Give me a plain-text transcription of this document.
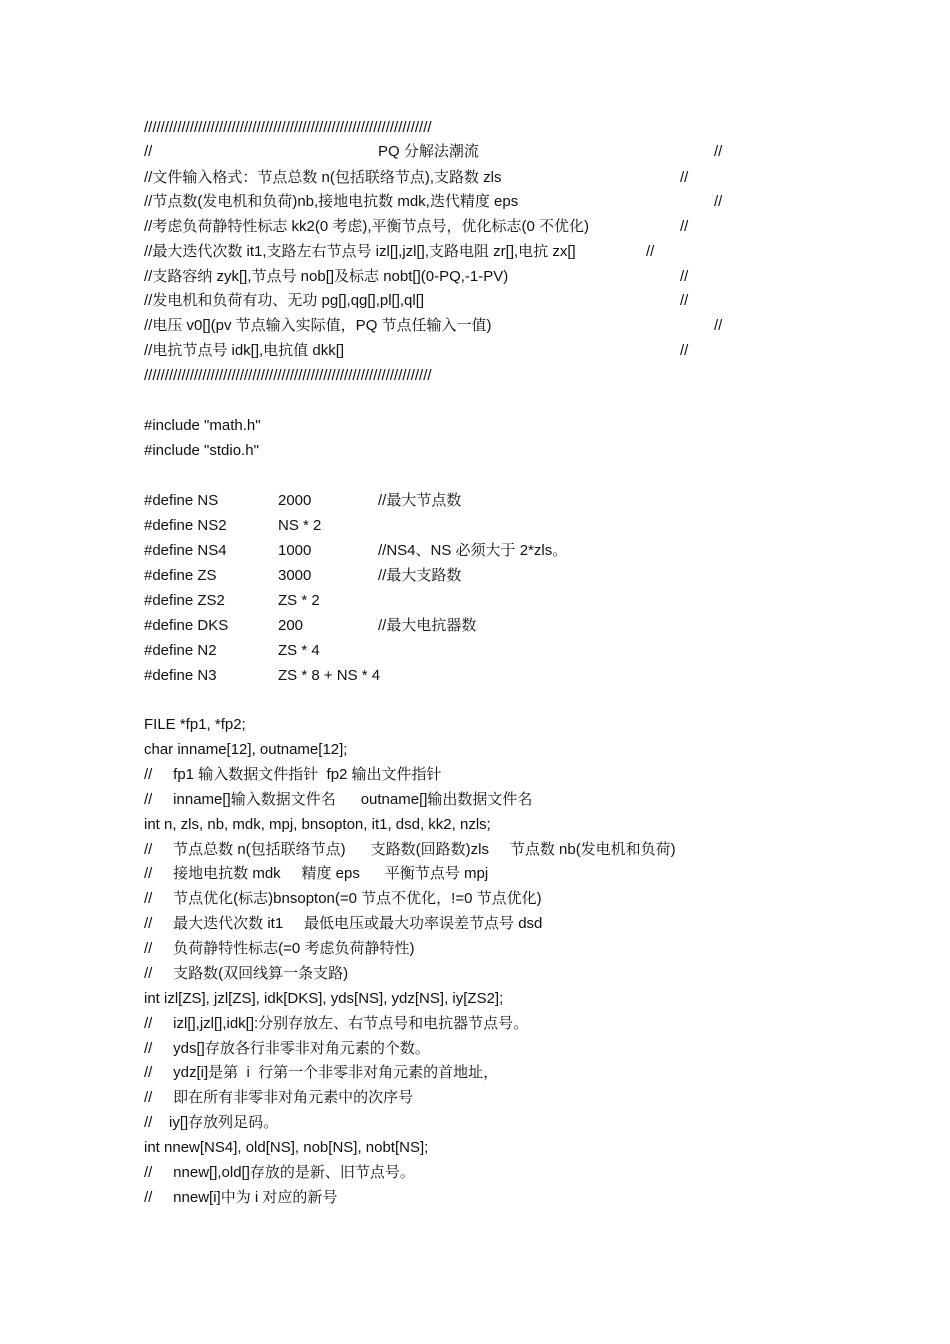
/////////////////////////////////////////////////////////////////////

//

	PQ 分解法潮流

	//

//文件输入格式：节点总数 n(包括联络节点),支路数 zls

	//

//节点数(发电机和负荷)nb,接地电抗数 mdk,迭代精度 eps

	//

//考虑负荷静特性标志 kk2(0 考虑),平衡节点号，优化标志(0 不优化)

	//

//最大迭代次数 it1,支路左右节点号 izl[],jzl[],支路电阻 zr[],电抗 zx[]

	//

//支路容纳 zyk[],节点号 nob[]及标志 nobt[](0-PQ,-1-PV)

	//

//发电机和负荷有功、无功 pg[],qg[],pl[],ql[]

	//

//电压 v0[](pv 节点输入实际值，PQ 节点任输入一值)

	//

//电抗节点号 idk[],电抗值 dkk[]

	//

/////////////////////////////////////////////////////////////////////
#include "math.h"
#include "stdio.h"

#define NS

	2000

	//最大节点数

#define NS2

	NS * 2

#define NS4

	1000

	//NS4、NS 必须大于 2*zls。

#define ZS

	3000

	//最大支路数

#define ZS2

	ZS * 2

#define DKS

	200

	//最大电抗器数

#define N2

	ZS * 4

#define N3

	ZS * 8 + NS * 4

FILE *fp1, *fp2;
char inname[12], outname[12];
//     fp1 输入数据文件指针  fp2 输出文件指针
//     inname[]输入数据文件名      outname[]输出数据文件名
int n, zls, nb, mdk, mpj, bnsopton, it1, dsd, kk2, nzls;
//     节点总数 n(包括联络节点)      支路数(回路数)zls     节点数 nb(发电机和负荷)
//     接地电抗数 mdk     精度 eps      平衡节点号 mpj
//     节点优化(标志)bnsopton(=0 节点不优化，!=0 节点优化)
//     最大迭代次数 it1     最低电压或最大功率误差节点号 dsd
//     负荷静特性标志(=0 考虑负荷静特性)
//     支路数(双回线算一条支路)
int izl[ZS], jzl[ZS], idk[DKS], yds[NS], ydz[NS], iy[ZS2];
//     izl[],jzl[],idk[]:分别存放左、右节点号和电抗器节点号。
//     yds[]存放各行非零非对角元素的个数。
//     ydz[i]是第  i  行第一个非零非对角元素的首地址，
//     即在所有非零非对角元素中的次序号
//    iy[]存放列足码。
int nnew[NS4], old[NS], nob[NS], nobt[NS];
//     nnew[],old[]存放的是新、旧节点号。
//     nnew[i]中为 i 对应的新号
